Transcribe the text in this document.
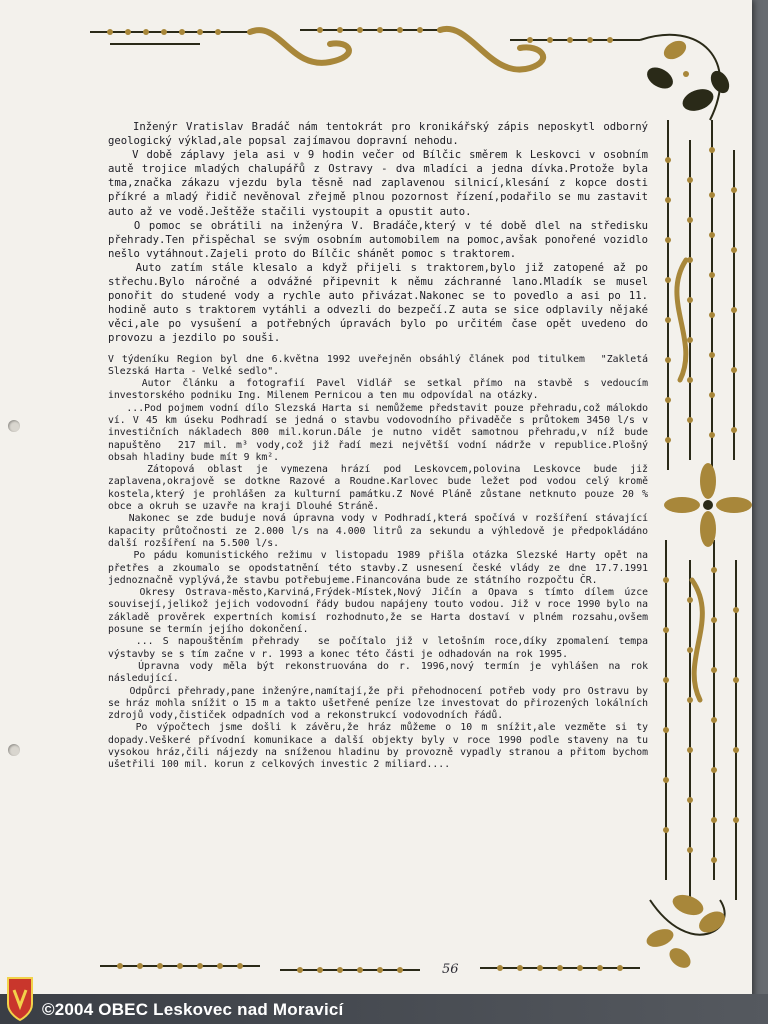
Inženýr Vratislav Bradáč nám tentokrát pro kronikářský zápis neposkytl odborný geologický výklad,ale popsal zajímavou dopravní nehodu.

V době záplavy jela asi v 9 hodin večer od Bílčic směrem k Leskovci v osobním autě trojice mladých chalupářů z Ostravy - dva mladíci a jedna dívka.Protože byla tma,značka zákazu vjezdu byla těsně nad zaplavenou silnicí,klesání z kopce dosti příkré a mladý řidič nevěnoval zřejmě plnou pozornost řízení,podařilo se mu zastavit auto až ve vodě.Ještěže stačili vystoupit a opustit auto.

O pomoc se obrátili na inženýra V. Bradáče,který v té době dlel na středisku přehrady.Ten přispěchal se svým osobním automobilem na pomoc,avšak ponořené vozidlo nešlo vytáhnout.Zajeli proto do Bílčic shánět pomoc s traktorem.

Auto zatím stále klesalo a když přijeli s traktorem,bylo již zatopené až po střechu.Bylo náročné a odvážné připevnit k němu záchranné lano.Mladík se musel ponořit do studené vody a rychle auto přivázat.Nakonec se to povedlo a asi po 11. hodině auto s traktorem vytáhli a odvezli do bezpečí.Z auta se sice odplavily nějaké věci,ale po vysušení a potřebných úpravách bylo po určitém čase opět uvedeno do provozu a jezdilo po souši.

V týdeníku Region byl dne 6.května 1992 uveřejněn obsáhlý článek pod titulkem  "Zakletá Slezská Harta - Velké sedlo".

Autor článku a fotografií Pavel Vidlář se setkal přímo na stavbě s vedoucím investorského podniku Ing. Milenem Pernicou a ten mu odpovídal na otázky.

...Pod pojmem vodní dílo Slezská Harta si nemůžeme představit pouze přehradu,což málokdo ví. V 45 km úseku Podhradí se jedná o stavbu vodovodního přivaděče s průtokem 3450 l/s v investičních nákladech 800 mil.korun.Dále je nutno vidět samotnou přehradu,v níž bude napuštěno  217 mil. m³ vody,což již řadí mezi největší vodní nádrže v republice.Plošný obsah hladiny bude mít 9 km².

Zátopová oblast je vymezena hrází pod Leskovcem,polovina Leskovce bude již zaplavena,okrajově se dotkne Razové a Roudne.Karlovec bude ležet pod vodou celý kromě kostela,který je prohlášen za kulturní památku.Z Nové Pláně zůstane netknuto pouze 20 % obce a okruh se uzavře na kraji Dlouhé Stráně.

Nakonec se zde buduje nová úpravna vody v Podhradí,která spočívá v rozšíření stávající kapacity průtočnosti ze 2.000 l/s na 4.000 litrů za sekundu a výhledově je předpokládáno další rozšíření na 5.500 l/s.

Po pádu komunistického režimu v listopadu 1989 přišla otázka Slezské Harty opět na přetřes a zkoumalo se opodstatnění této stavby.Z usnesení české vlády ze dne 17.7.1991 jednoznačně vyplývá,že stavbu potřebujeme.Financována bude ze státního rozpočtu ČR.

Okresy Ostrava-město,Karviná,Frýdek-Místek,Nový Jičín a Opava s tímto dílem úzce souvisejí,jelikož jejich vodovodní řády budou napájeny touto vodou. Již v roce 1990 bylo na základě prověrek expertních komisí rozhodnuto,že se Harta dostaví v plném rozsahu,ovšem posune se termín jejího dokončení.

... S napouštěním přehrady  se počítalo již v letošním roce,díky zpomalení tempa výstavby se s tím začne v r. 1993 a konec této části je odhadován na rok 1995.

Úpravna vody měla být rekonstruována do r. 1996,nový termín je vyhlášen na rok následující.

Odpůrci přehrady,pane inženýre,namítají,že při přehodnocení potřeb vody pro Ostravu by se hráz mohla snížit o 15 m a takto ušetřené peníze lze investovat do přirozených lokálních zdrojů vody,čističek odpadních vod a rekonstrukcí vodovodních řádů.

Po výpočtech jsme došli k závěru,že hráz můžeme o 10 m snížit,ale vezměte si ty dopady.Veškeré přívodní komunikace a další objekty byly v roce 1990 podle staveny na tu vysokou hráz,čili nájezdy na sníženou hladinu by provozně vypadly stranou a přitom bychom ušetřili 100 mil. korun z celkových investic 2 miliard....

56
©2004 OBEC Leskovec nad Moravicí
